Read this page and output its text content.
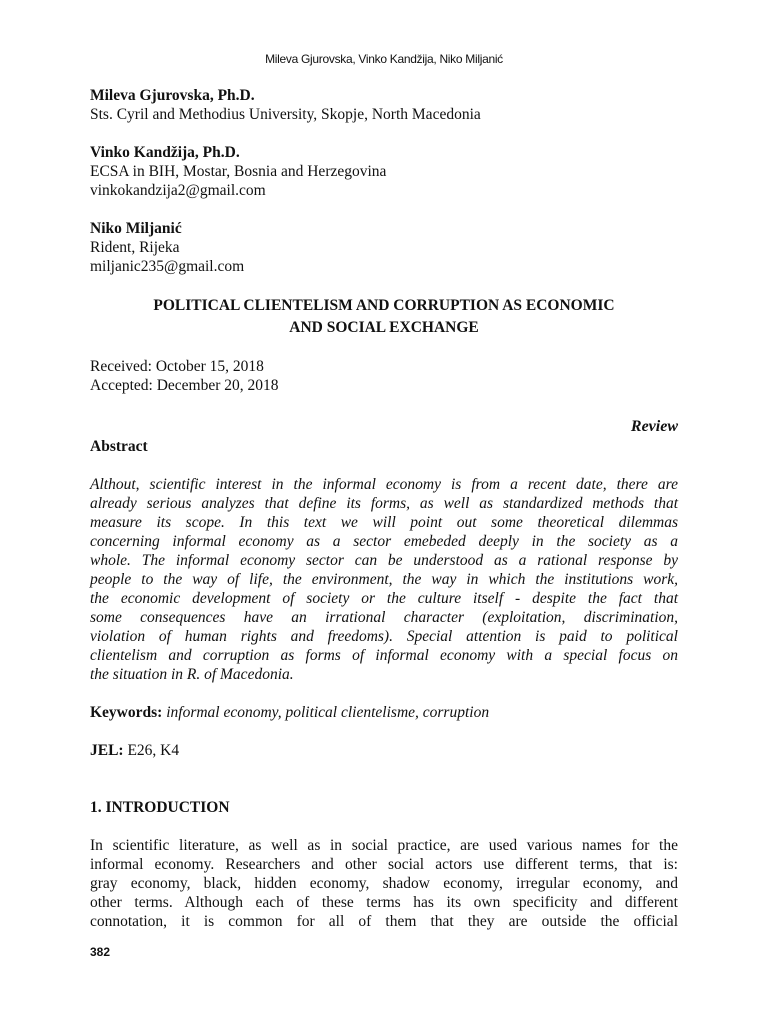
Mileva Gjurovska, Vinko Kandžija, Niko Miljanić
Mileva Gjurovska, Ph.D.
Sts. Cyril and Methodius University, Skopje, North Macedonia
Vinko Kandžija, Ph.D.
ECSA in BIH, Mostar, Bosnia and Herzegovina
vinkokandzija2@gmail.com
Niko Miljanić
Rident, Rijeka
miljanic235@gmail.com
POLITICAL CLIENTELISM AND CORRUPTION AS ECONOMIC
AND SOCIAL EXCHANGE
Received: October 15, 2018
Accepted: December 20, 2018
Review
Abstract
Althout, scientific interest in the informal economy is from a recent date, there are
already serious analyzes that define its forms, as well as standardized methods that
measure its scope. In this text we will point out some theoretical dilemmas
concerning informal economy as a sector emebeded deeply in the society as a
whole. The informal economy sector can be understood as a rational response by
people to the way of life, the environment, the way in which the institutions work,
the economic development of society or the culture itself - despite the fact that
some consequences have an irrational character (exploitation, discrimination,
violation of human rights and freedoms). Special attention is paid to political
clientelism and corruption as forms of informal economy with a special focus on
the situation in R. of Macedonia.
Keywords: informal economy, political clientelisme, corruption
JEL: E26, K4
1. INTRODUCTION
In scientific literature, as well as in social practice, are used various names for the
informal economy. Researchers and other social actors use different terms, that is:
gray economy, black, hidden economy, shadow economy, irregular economy, and
other terms. Although each of these terms has its own specificity and different
connotation, it is common for all of them that they are outside the official
382
